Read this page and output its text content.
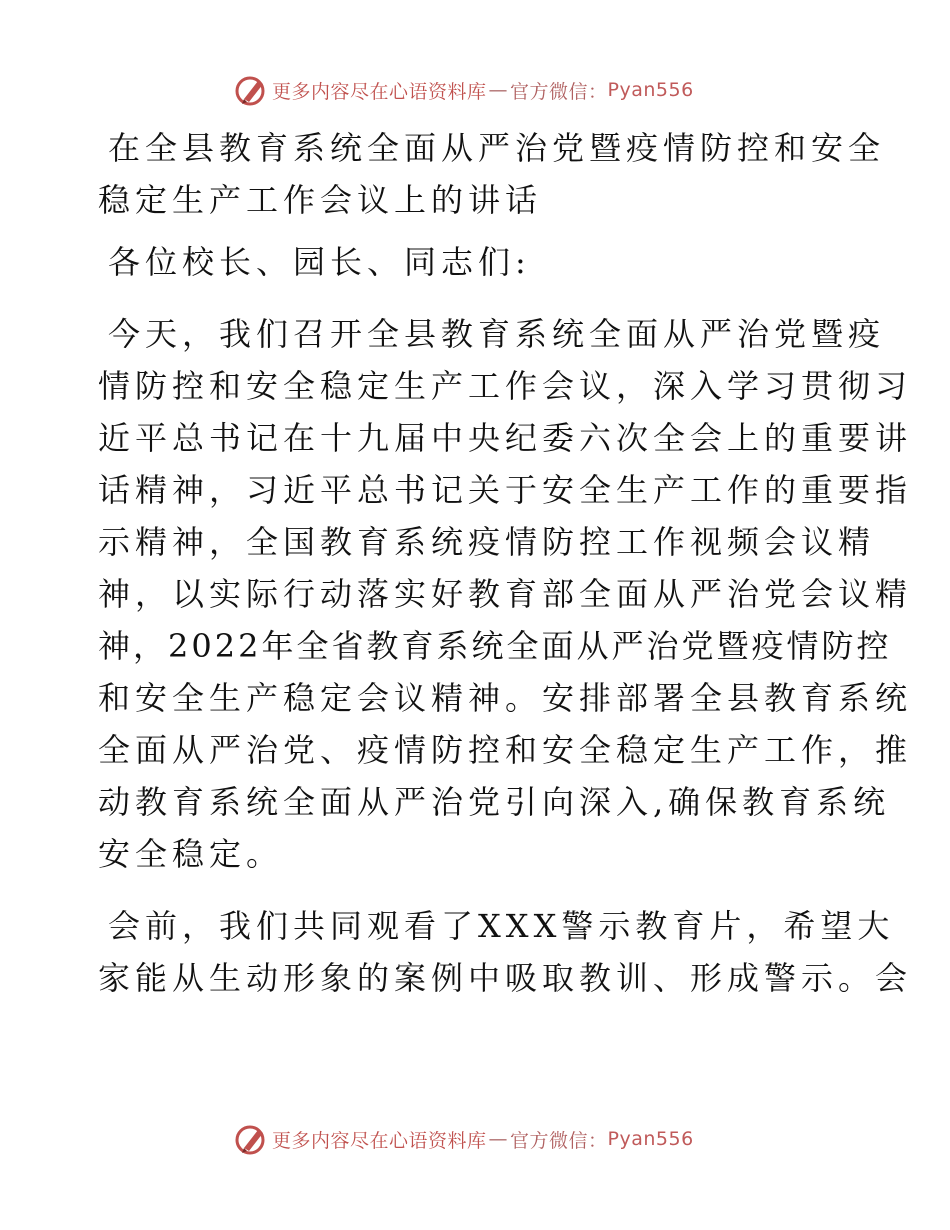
更多内容尽在心语资料库 — 官方微信： Pyan556
在全县教育系统全面从严治党暨疫情防控和安全
稳定生产工作会议上的讲话
各位校长、园长、同志们:
今天，我们召开全县教育系统全面从严治党暨疫
情防控和安全稳定生产工作会议，深入学习贯彻习
近平总书记在十九届中央纪委六次全会上的重要讲
话精神，习近平总书记关于安全生产工作的重要指
示精神，全国教育系统疫情防控工作视频会议精
神，以实际行动落实好教育部全面从严治党会议精
神，2022年全省教育系统全面从严治党暨疫情防控
和安全生产稳定会议精神。安排部署全县教育系统
全面从严治党、疫情防控和安全稳定生产工作，推
动教育系统全面从严治党引向深入,确保教育系统
安全稳定。
会前，我们共同观看了XXX警示教育片，希望大
家能从生动形象的案例中吸取教训、形成警示。会
更多内容尽在心语资料库 — 官方微信： Pyan556
